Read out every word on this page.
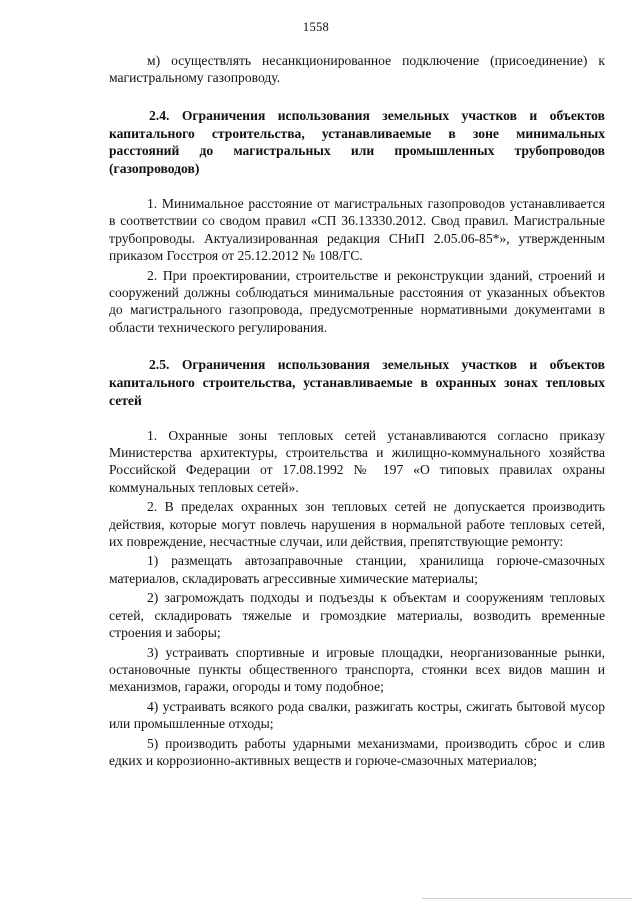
1558

м) осуществлять несанкционированное подключение (присоединение) к магистральному газопроводу.

2.4. Ограничения использования земельных участков и объектов капитального строительства, устанавливаемые в зоне минимальных расстояний до магистральных или промышленных трубопроводов (газопроводов)

1. Минимальное расстояние от магистральных газопроводов устанавливается в соответствии со сводом правил «СП 36.13330.2012. Свод правил. Магистральные трубопроводы. Актуализированная редакция СНиП 2.05.06-85*», утвержденным приказом Госстроя от 25.12.2012 № 108/ГС.

2. При проектировании, строительстве и реконструкции зданий, строений и сооружений должны соблюдаться минимальные расстояния от указанных объектов до магистрального газопровода, предусмотренные нормативными документами в области технического регулирования.

2.5. Ограничения использования земельных участков и объектов капитального строительства, устанавливаемые в охранных зонах тепловых сетей

1. Охранные зоны тепловых сетей устанавливаются согласно приказу Министерства архитектуры, строительства и жилищно-коммунального хозяйства Российской Федерации от 17.08.1992 № 197 «О типовых правилах охраны коммунальных тепловых сетей».

2. В пределах охранных зон тепловых сетей не допускается производить действия, которые могут повлечь нарушения в нормальной работе тепловых сетей, их повреждение, несчастные случаи, или действия, препятствующие ремонту:

1) размещать автозаправочные станции, хранилища горюче-смазочных материалов, складировать агрессивные химические материалы;

2) загромождать подходы и подъезды к объектам и сооружениям тепловых сетей, складировать тяжелые и громоздкие материалы, возводить временные строения и заборы;

3) устраивать спортивные и игровые площадки, неорганизованные рынки, остановочные пункты общественного транспорта, стоянки всех видов машин и механизмов, гаражи, огороды и тому подобное;

4) устраивать всякого рода свалки, разжигать костры, сжигать бытовой мусор или промышленные отходы;

5) производить работы ударными механизмами, производить сброс и слив едких и коррозионно-активных веществ и горюче-смазочных материалов;
